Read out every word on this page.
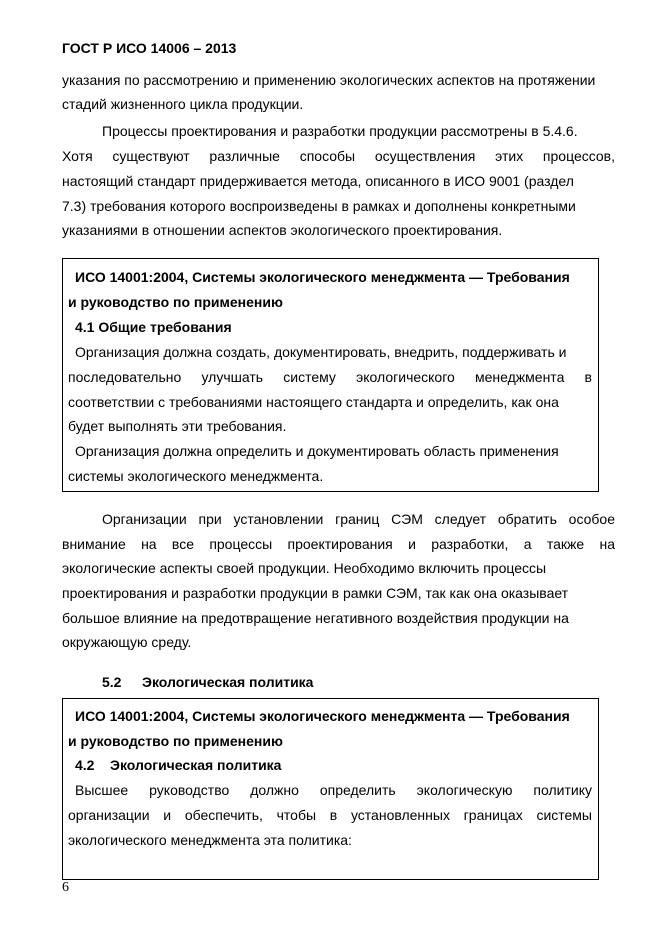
ГОСТ Р ИСО 14006 – 2013
указания по рассмотрению и применению экологических аспектов на протяжении
стадий жизненного цикла продукции.
Процессы проектирования и разработки продукции рассмотрены в 5.4.6.
Хотя существуют различные способы осуществления этих процессов,
настоящий стандарт придерживается метода, описанного в ИСО 9001 (раздел
7.3) требования которого воспроизведены в рамках и дополнены конкретными
указаниями в отношении аспектов экологического проектирования.
ИСО 14001:2004, Системы экологического менеджмента — Требования
и руководство по применению
4.1 Общие требования
Организация должна создать, документировать, внедрить, поддерживать и
последовательно улучшать систему экологического менеджмента в
соответствии с требованиями настоящего стандарта и определить, как она
будет выполнять эти требования.
Организация должна определить и документировать область применения
системы экологического менеджмента.
Организации при установлении границ СЭМ следует обратить особое
внимание на все процессы проектирования и разработки, а также на
экологические аспекты своей продукции. Необходимо включить процессы
проектирования и разработки продукции в рамки СЭМ, так как она оказывает
большое влияние на предотвращение негативного воздействия продукции на
окружающую среду.
5.2 Экологическая политика
ИСО 14001:2004, Системы экологического менеджмента — Требования
и руководство по применению
4.2 Экологическая политика
Высшее руководство должно определить экологическую политику
организации и обеспечить, чтобы в установленных границах системы
экологического менеджмента эта политика:
6
